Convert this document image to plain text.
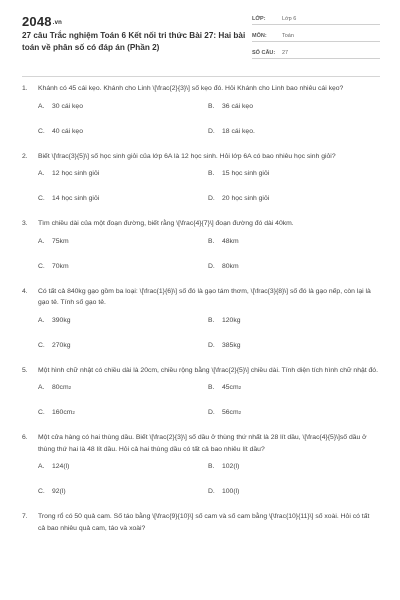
2048.vn
27 câu Trắc nghiệm Toán 6 Kết nối tri thức Bài 27: Hai bài toán về phân số có đáp án (Phần 2)
LỚP:	Lớp 6
MÔN:	Toán
SỐ CÂU:	27
1. Khánh có 45 cái kẹo. Khánh cho Linh \[\frac{2}{3}\] số kẹo đó. Hỏi Khánh cho Linh bao nhiêu cái kẹo?
A.	30 cái kẹo	B.	36 cái kẹo
C.	40 cái kẹo	D.	18 cái kẹo.
2. Biết \[\frac{3}{5}\] số học sinh giỏi của lớp 6A là 12 học sinh. Hỏi lớp 6A có bao nhiêu học sinh giỏi?
A.	12 học sinh giỏi	B.	15 học sinh giỏi
C.	14 học sinh giỏi	D.	20 học sinh giỏi
3. Tìm chiều dài của một đoạn đường, biết rằng \[\frac{4}{7}\] đoạn đường đó dài 40km.
A.	75km	B.	48km
C.	70km	D.	80km
4. Có tất cả 840kg gạo gồm ba loại: \[\frac{1}{6}\] số đó là gạo tám thơm, \[\frac{3}{8}\] số đó là gạo nếp, còn lại là gạo tẻ. Tính số gạo tẻ.
A.	390kg	B.	120kg
C.	270kg	D.	385kg
5. Một hình chữ nhật có chiều dài là 20cm, chiều rộng bằng \[\frac{2}{5}\] chiều dài. Tính diện tích hình chữ nhật đó.
A.	80cm 2	B.	45cm 2
C.	160cm 2	D.	56cm 2
6. Một cửa hàng có hai thùng dầu. Biết \[\frac{2}{3}\] số dầu ở thùng thứ nhất là 28 lít dầu, \[\frac{4}{5}\]số dầu ở thùng thứ hai là 48 lít dầu. Hỏi cả hai thùng dầu có tất cả bao nhiêu lít dầu?
A.	124(l)	B.	102(l)
C.	92(l)	D.	100(l)
7. Trong rổ có 50 quả cam. Số táo bằng \[\frac{9}{10}\] số cam và số cam bằng \[\frac{10}{11}\] số xoài. Hỏi có tất cả bao nhiêu quả cam, táo và xoài?
